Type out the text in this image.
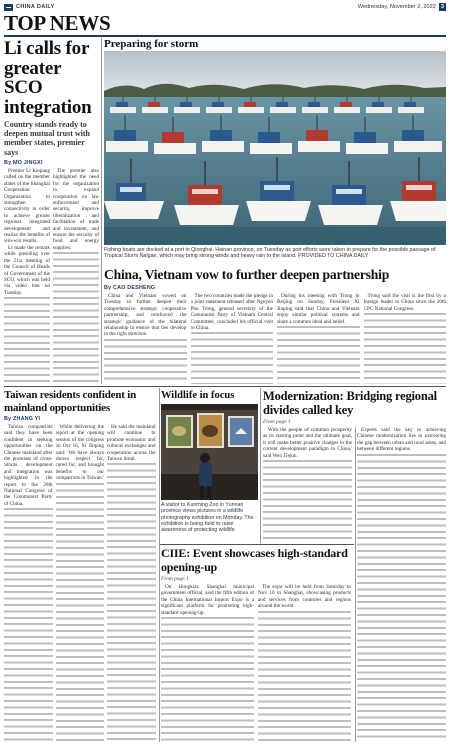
CHINA DAILY	Wednesday, November 2, 2022 3
TOP NEWS
Li calls for greater SCO integration
Country stands ready to deepen mutual trust with member states, premier says
By MO JINGXI

Premier Li Keqiang called on the member states of the Shanghai Cooperation Organization to strengthen connectivity in order to achieve greater regional integrated development and realize the benefits of win-win results.

Li made the remark while presiding over the 21st meeting of the Council of Heads of Government of the SCO, which was held via video link on Tuesday.

The premier also highlighted the need for the organization to expand cooperation on law enforcement and security, improve liberalization and facilitation of trade and investment, and ensure the security of food and energy supplies.

Preparing for storm
Fishing boats are docked at a port in Qionghai, Hainan province, on Tuesday as port efforts were taken to prepare for the possible passage of Tropical Storm Nalgae, which may bring strong winds and heavy rain to the island. PROVIDED TO CHINA DAILY
China, Vietnam vow to further deepen partnership
By CAO DESHENG

China and Vietnam vowed on Tuesday to further deepen their comprehensive strategic cooperative partnership, and reinforced the strategic guidance of the bilateral relationship to ensure that ties develop in the right direction.

The two countries made the pledge in a joint statement released after Nguyen Phu Trong, general secretary of the Communist Party of Vietnam Central Committee, concluded his official visit to China.

During his meeting with Trong in Beijing on Sunday, President Xi Jinping said that China and Vietnam enjoy similar political systems and share a common ideal and belief.

Trong said the visit is the first by a foreign leader to China since the 20th CPC National Congress.

Taiwan residents confident in mainland opportunities
By ZHANG YI

Taiwan compatriots said they have been confident in seeking opportunities on the Chinese mainland after the promises of cross-Straits development and integration was highlighted in the report to the 20th National Congress of the Communist Party of China.

While delivering the report at the opening session of the congress on Oct 16, Xi Jinping said: 'We have always shown respect for, cared for, and brought benefits to our compatriots in Taiwan.'

He said the mainland will continue to promote economic and cultural exchanges and cooperation across the Taiwan Strait.

Wildlife in focus
A visitor to Kunming Zoo in Yunnan province views pictures in a wildlife photography exhibition on Monday. The exhibition is being held to raise awareness of protecting wildlife.
Modernization: Bridging regional divides called key
From page 1

'With the people of common prosperity as its starting point and the ultimate goal, it will make better positive changes in the current development paradigm in China,' said Wen Tiejun.

Experts said the key to achieving Chinese modernization lies in narrowing the gap between urban and rural areas, and between different regions.

CIIE: Event showcases high-standard opening-up
From page 1

On Hongkiat, Shanghai municipal government official, said the fifth edition of the China International Import Expo is a significant platform for promoting high-standard opening-up.

The expo will be held from Saturday to Nov 10 in Shanghai, showcasing products and services from countries and regions around the world.
